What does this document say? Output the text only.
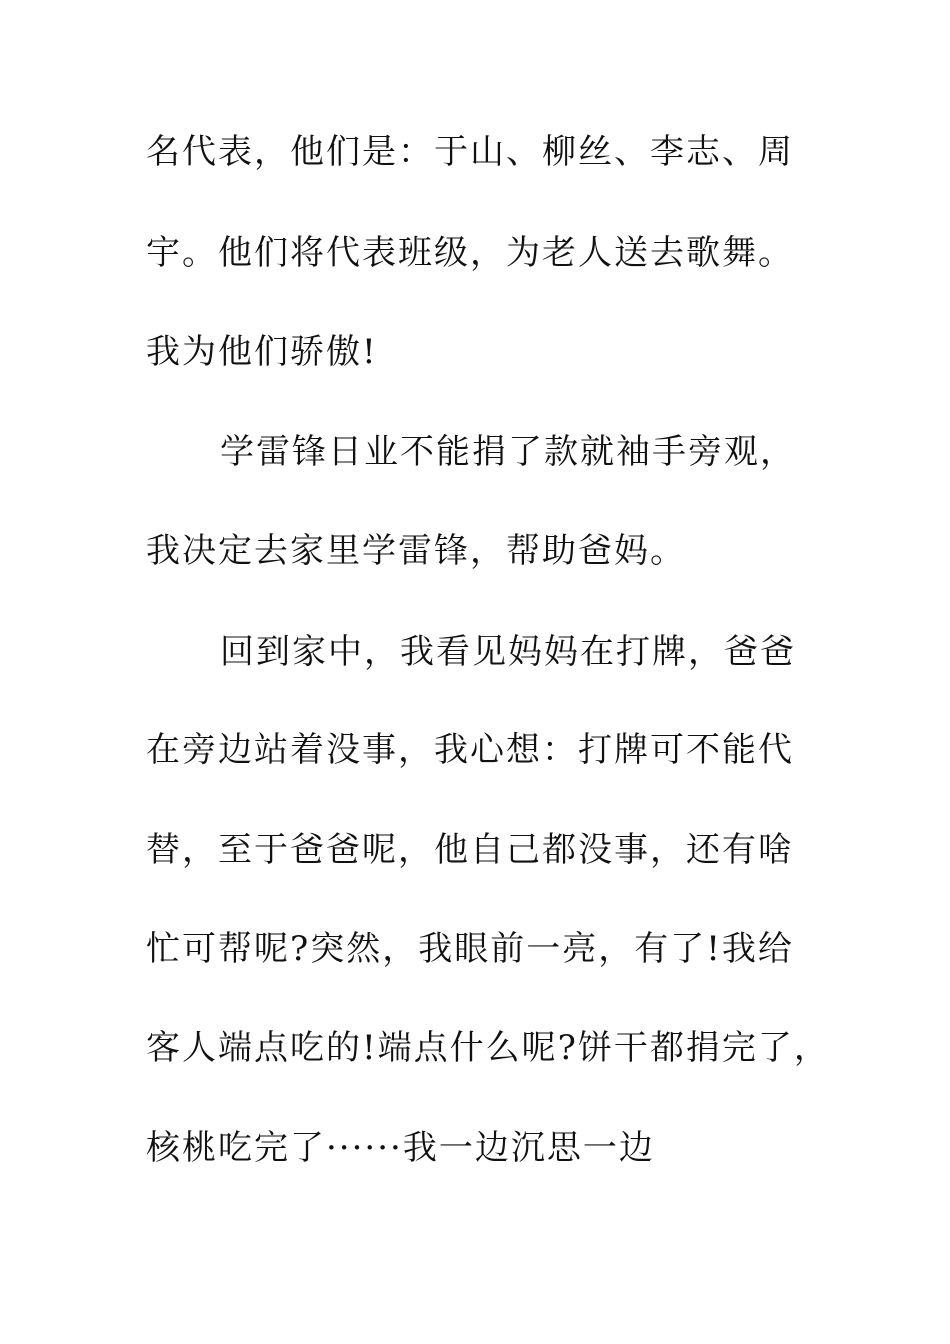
名代表，他们是：于山、柳丝、李志、周
宇。他们将代表班级，为老人送去歌舞。
我为他们骄傲!
学雷锋日业不能捐了款就袖手旁观，
我决定去家里学雷锋，帮助爸妈。
回到家中，我看见妈妈在打牌，爸爸
在旁边站着没事，我心想：打牌可不能代
替，至于爸爸呢，他自己都没事，还有啥
忙可帮呢?突然，我眼前一亮，有了!我给
客人端点吃的!端点什么呢?饼干都捐完了，
核桃吃完了······我一边沉思一边
